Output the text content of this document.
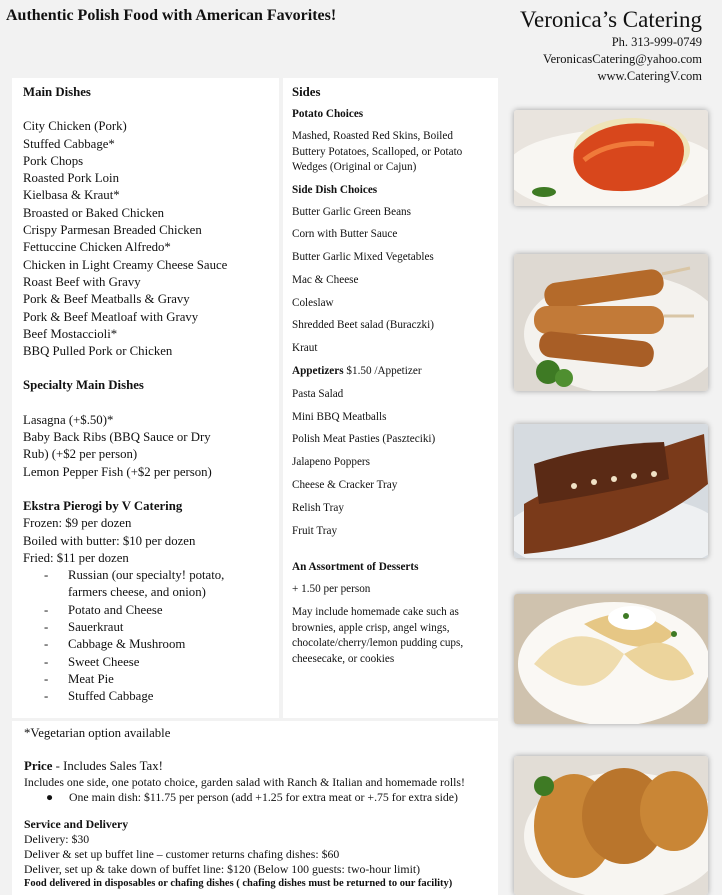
Authentic Polish Food with American Favorites!	Veronica’s Catering
Ph. 313-999-0749
VeronicasCatering@yahoo.com
www.CateringV.com
Main Dishes
City Chicken (Pork)
Stuffed Cabbage*
Pork Chops
Roasted Pork Loin
Kielbasa & Kraut*
Broasted or Baked Chicken
Crispy Parmesan Breaded Chicken
Fettuccine Chicken Alfredo*
Chicken in Light Creamy Cheese Sauce
Roast Beef with Gravy
Pork & Beef Meatballs & Gravy
Pork & Beef Meatloaf with Gravy
Beef Mostaccioli*
BBQ Pulled Pork or Chicken
Specialty Main Dishes
Lasagna (+$.50)*
Baby Back Ribs (BBQ Sauce or Dry
Rub) (+$2 per person)
Lemon Pepper Fish (+$2 per person)
Ekstra Pierogi by V Catering
Frozen: $9 per dozen
Boiled with butter: $10 per dozen
Fried: $11 per dozen
- Russian (our specialty! potato,
farmers cheese, and onion)
- Potato and Cheese
- Sauerkraut
- Cabbage & Mushroom
- Sweet Cheese
- Meat Pie
- Stuffed Cabbage
Sides
Potato Choices
Mashed, Roasted Red Skins, Boiled Buttery Potatoes, Scalloped, or Potato Wedges (Original or Cajun)
Side Dish Choices
Butter Garlic Green Beans
Corn with Butter Sauce
Butter Garlic Mixed Vegetables
Mac & Cheese
Coleslaw
Shredded Beet salad (Buraczki)
Kraut
Appetizers $1.50 /Appetizer
Pasta Salad
Mini BBQ Meatballs
Polish Meat Pasties (Paszteciki)
Jalapeno Poppers
Cheese & Cracker Tray
Relish Tray
Fruit Tray
An Assortment of Desserts
+ 1.50 per person
May include homemade cake such as brownies, apple crisp, angel wings, chocolate/cherry/lemon pudding cups, cheesecake, or cookies
*Vegetarian option available
Price - Includes Sales Tax!
Includes one side, one potato choice, garden salad with Ranch & Italian and homemade rolls!
● One main dish: $11.75 per person (add +1.25 for extra meat or +.75 for extra side)
Service and Delivery
Delivery: $30
Deliver & set up buffet line – customer returns chafing dishes: $60
Deliver, set up & take down of buffet line: $120 (Below 100 guests: two-hour limit)
Food delivered in disposables or chafing dishes ( chafing dishes must be returned to our facility)
